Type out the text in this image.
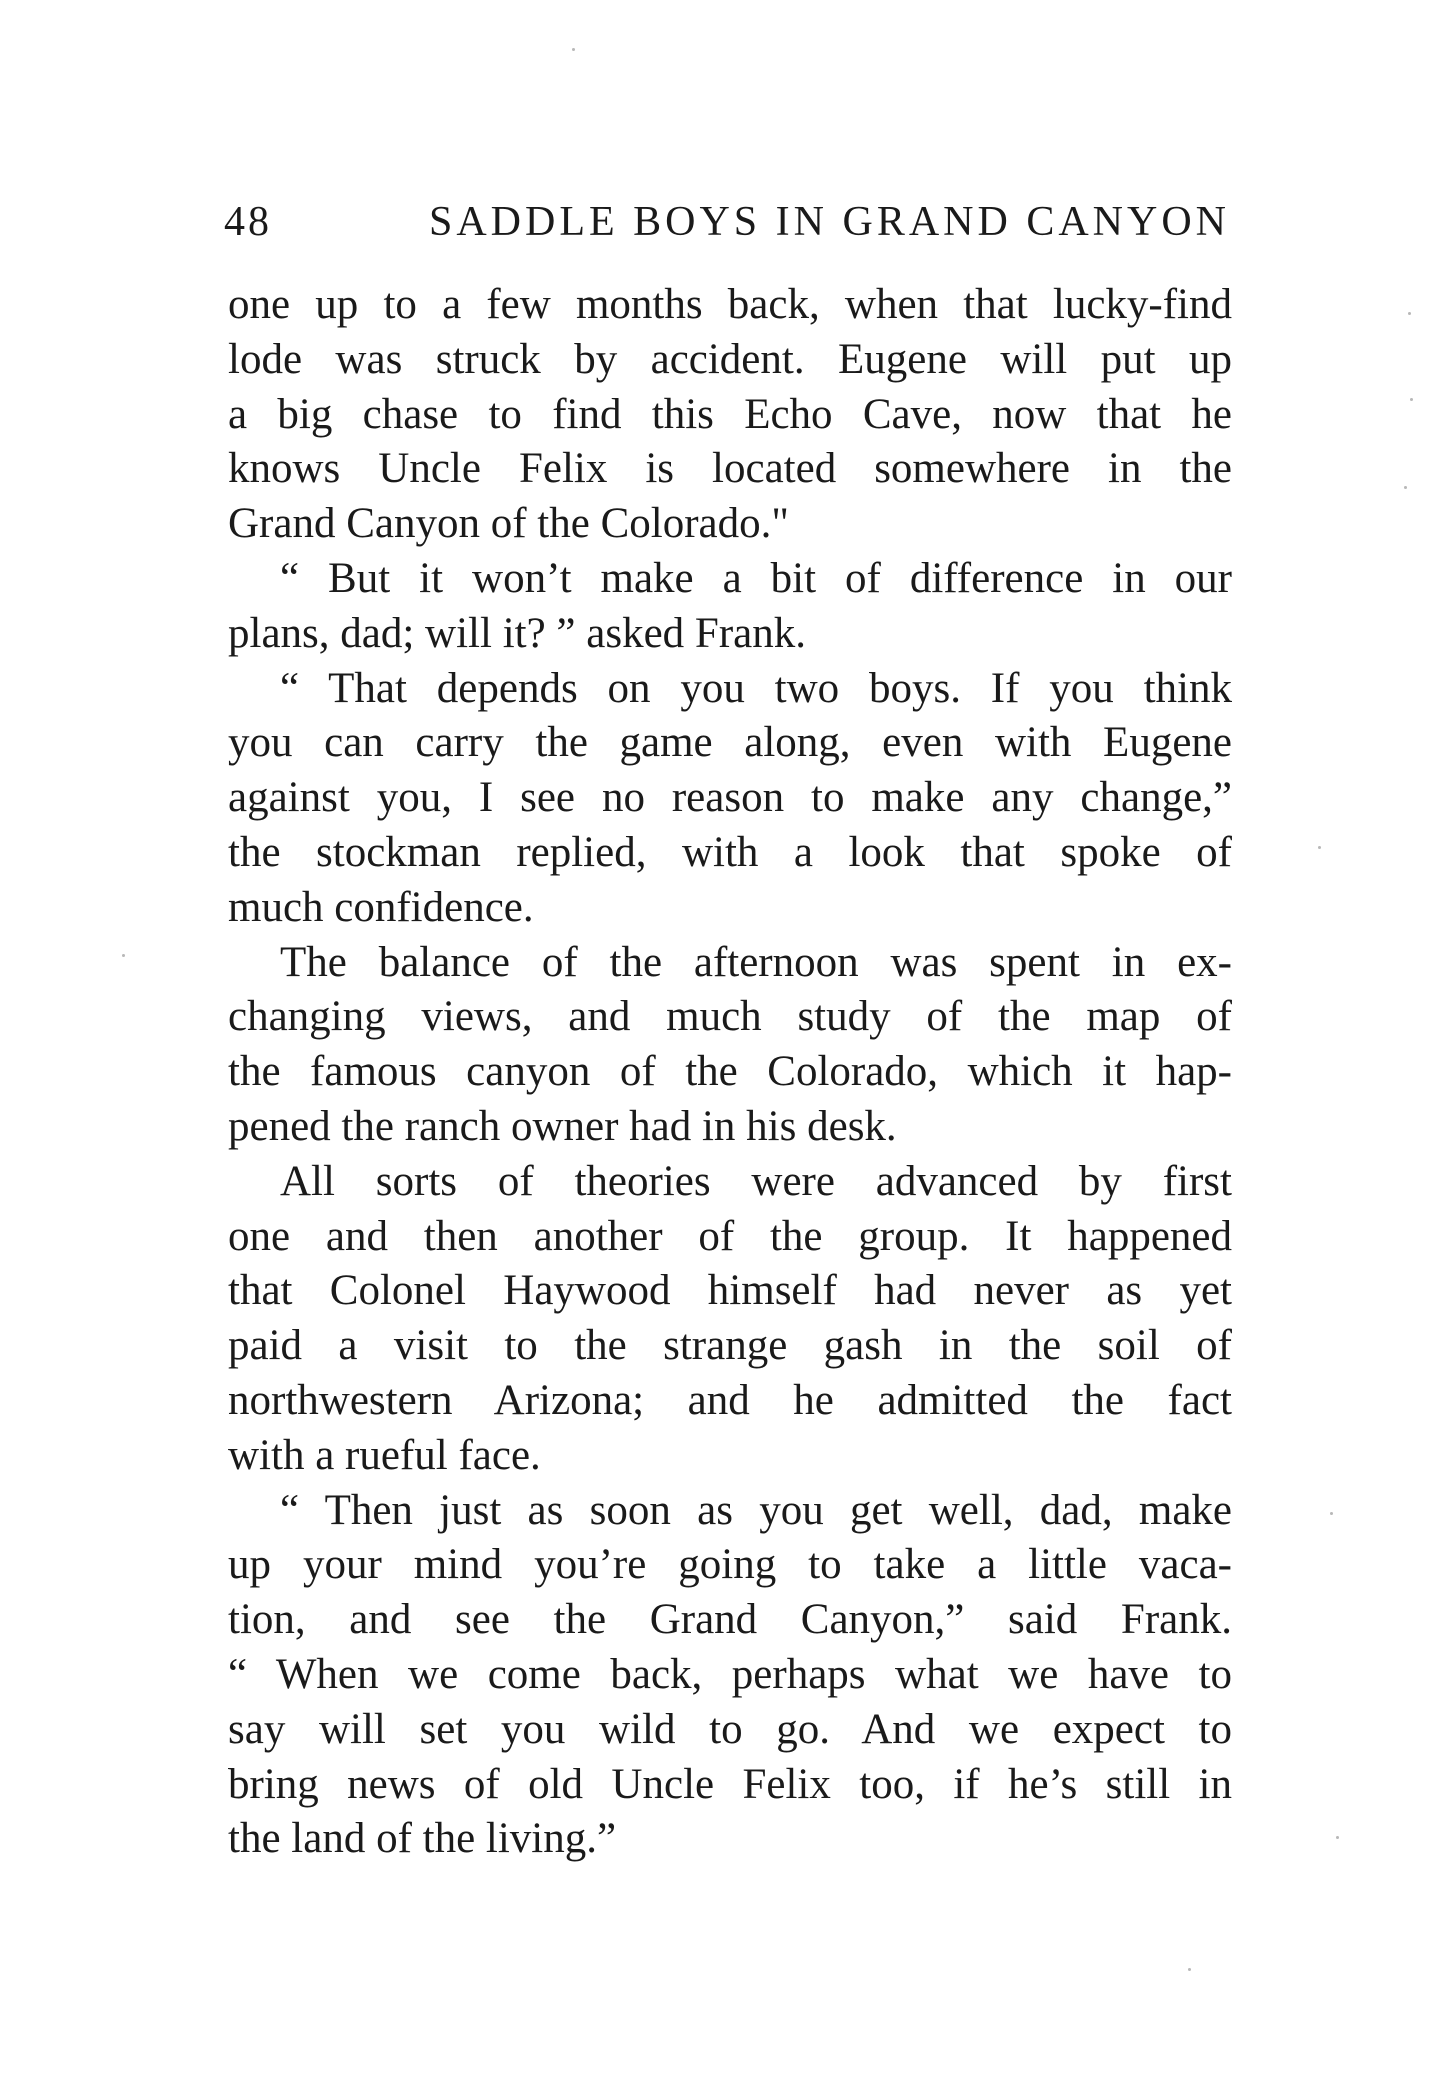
48	SADDLE BOYS IN GRAND CANYON
one up to a few months back, when that lucky-find
lode was struck by accident. Eugene will put up
a big chase to find this Echo Cave, now that he
knows Uncle Felix is located somewhere in the
Grand Canyon of the Colorado."
“ But it won’t make a bit of difference in our
plans, dad; will it? ” asked Frank.
“ That depends on you two boys. If you think
you can carry the game along, even with Eugene
against you, I see no reason to make any change,”
the stockman replied, with a look that spoke of
much confidence.
The balance of the afternoon was spent in ex-
changing views, and much study of the map of
the famous canyon of the Colorado, which it hap-
pened the ranch owner had in his desk.
All sorts of theories were advanced by first
one and then another of the group. It happened
that Colonel Haywood himself had never as yet
paid a visit to the strange gash in the soil of
northwestern Arizona; and he admitted the fact
with a rueful face.
“ Then just as soon as you get well, dad, make
up your mind you’re going to take a little vaca-
tion, and see the Grand Canyon,” said Frank.
“ When we come back, perhaps what we have to
say will set you wild to go. And we expect to
bring news of old Uncle Felix too, if he’s still in
the land of the living.”
